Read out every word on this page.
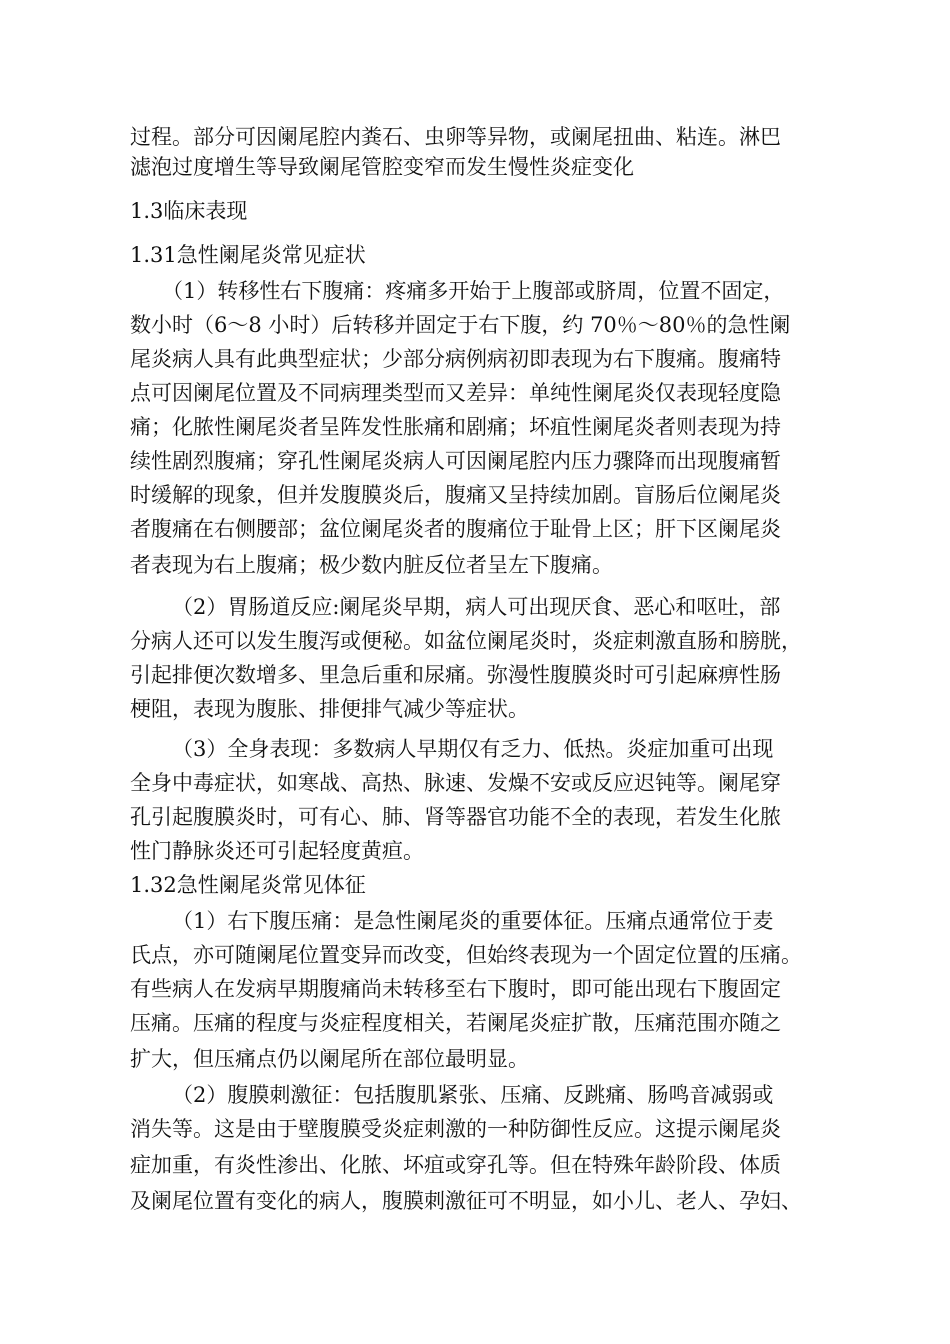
过程。部分可因阑尾腔内粪石、虫卵等异物，或阑尾扭曲、粘连。淋巴
滤泡过度增生等导致阑尾管腔变窄而发生慢性炎症变化
1.3临床表现
1.31急性阑尾炎常见症状
（1）转移性右下腹痛：疼痛多开始于上腹部或脐周，位置不固定，
数小时（6～8 小时）后转移并固定于右下腹，约 70％～80％的急性阑
尾炎病人具有此典型症状；少部分病例病初即表现为右下腹痛。腹痛特
点可因阑尾位置及不同病理类型而又差异：单纯性阑尾炎仅表现轻度隐
痛；化脓性阑尾炎者呈阵发性胀痛和剧痛；坏疽性阑尾炎者则表现为持
续性剧烈腹痛；穿孔性阑尾炎病人可因阑尾腔内压力骤降而出现腹痛暂
时缓解的现象，但并发腹膜炎后，腹痛又呈持续加剧。盲肠后位阑尾炎
者腹痛在右侧腰部；盆位阑尾炎者的腹痛位于耻骨上区；肝下区阑尾炎
者表现为右上腹痛；极少数内脏反位者呈左下腹痛。
（2）胃肠道反应:阑尾炎早期，病人可出现厌食、恶心和呕吐，部
分病人还可以发生腹泻或便秘。如盆位阑尾炎时，炎症刺激直肠和膀胱，
引起排便次数增多、里急后重和尿痛。弥漫性腹膜炎时可引起麻痹性肠
梗阻，表现为腹胀、排便排气减少等症状。
（3）全身表现：多数病人早期仅有乏力、低热。炎症加重可出现
全身中毒症状，如寒战、高热、脉速、发燥不安或反应迟钝等。阑尾穿
孔引起腹膜炎时，可有心、肺、肾等器官功能不全的表现，若发生化脓
性门静脉炎还可引起轻度黄疸。
1.32急性阑尾炎常见体征
（1）右下腹压痛：是急性阑尾炎的重要体征。压痛点通常位于麦
氏点，亦可随阑尾位置变异而改变，但始终表现为一个固定位置的压痛。
有些病人在发病早期腹痛尚未转移至右下腹时，即可能出现右下腹固定
压痛。压痛的程度与炎症程度相关，若阑尾炎症扩散，压痛范围亦随之
扩大，但压痛点仍以阑尾所在部位最明显。
（2）腹膜刺激征：包括腹肌紧张、压痛、反跳痛、肠鸣音减弱或
消失等。这是由于壁腹膜受炎症刺激的一种防御性反应。这提示阑尾炎
症加重，有炎性渗出、化脓、坏疽或穿孔等。但在特殊年龄阶段、体质
及阑尾位置有变化的病人，腹膜刺激征可不明显，如小儿、老人、孕妇、
